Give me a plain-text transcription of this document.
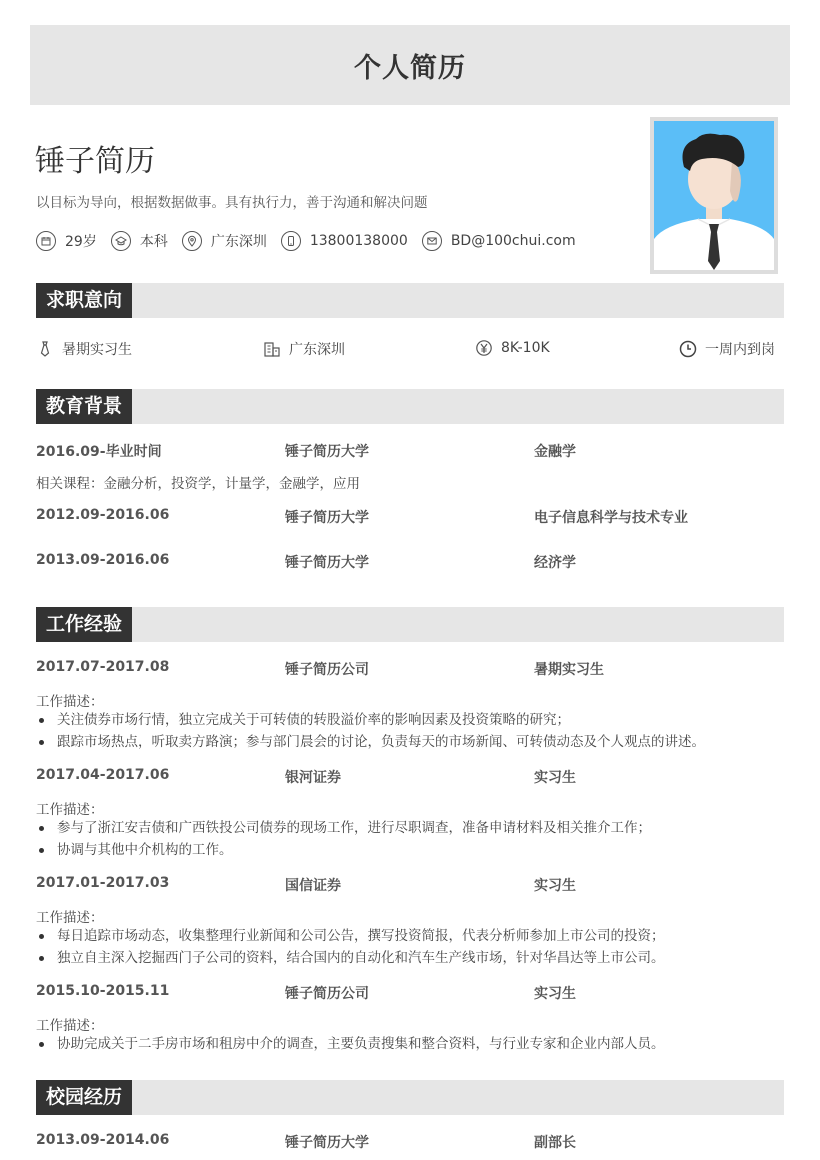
个人简历
锤子简历
以目标为导向，根据数据做事。具有执行力，善于沟通和解决问题
29岁	本科	广东深圳	13800138000	BD@100chui.com
求职意向
暑期实习生	广东深圳	8K-10K	一周内到岗
教育背景
2016.09-毕业时间	锤子简历大学	金融学
相关课程：金融分析，投资学，计量学，金融学，应用
2012.09-2016.06	锤子简历大学	电子信息科学与技术专业
2013.09-2016.06	锤子简历大学	经济学
工作经验
2017.07-2017.08	锤子简历公司	暑期实习生
工作描述：
关注债券市场行情，独立完成关于可转债的转股溢价率的影响因素及投资策略的研究；
跟踪市场热点，听取卖方路演；参与部门晨会的讨论，负责每天的市场新闻、可转债动态及个人观点的讲述。
2017.04-2017.06	银河证券	实习生
工作描述：
参与了浙江安吉债和广西铁投公司债券的现场工作，进行尽职调查，准备申请材料及相关推介工作；
协调与其他中介机构的工作。
2017.01-2017.03	国信证券	实习生
工作描述：
每日追踪市场动态，收集整理行业新闻和公司公告，撰写投资简报，代表分析师参加上市公司的投资；
独立自主深入挖掘西门子公司的资料，结合国内的自动化和汽车生产线市场，针对华昌达等上市公司。
2015.10-2015.11	锤子简历公司	实习生
工作描述：
协助完成关于二手房市场和租房中介的调查，主要负责搜集和整合资料，与行业专家和企业内部人员。
校园经历
2013.09-2014.06	锤子简历大学	副部长
